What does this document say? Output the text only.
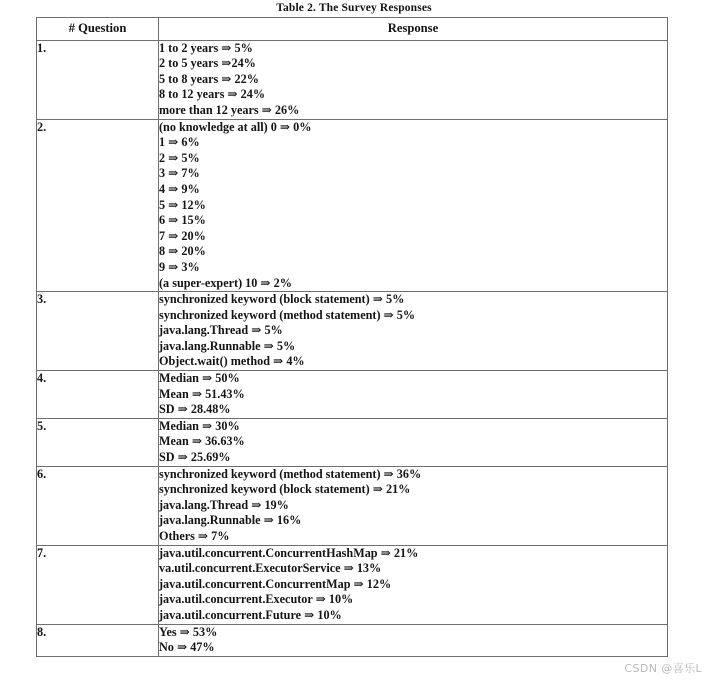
Table 2. The Survey Responses
# Question	Response
1.	1 to 2 years ⇒ 5%
2 to 5 years ⇒24%
5 to 8 years ⇒ 22%
8 to 12 years ⇒ 24%
more than 12 years ⇒ 26%

2.	(no knowledge at all) 0 ⇒ 0%
1 ⇒ 6%
2 ⇒ 5%
3 ⇒ 7%
4 ⇒ 9%
5 ⇒ 12%
6 ⇒ 15%
7 ⇒ 20%
8 ⇒ 20%
9 ⇒ 3%
(a super-expert) 10 ⇒ 2%

3.	synchronized keyword (block statement) ⇒ 5%
synchronized keyword (method statement) ⇒ 5%
java.lang.Thread ⇒ 5%
java.lang.Runnable ⇒ 5%
Object.wait() method ⇒ 4%

4.	Median ⇒ 50%
Mean ⇒ 51.43%
SD ⇒ 28.48%

5.	Median ⇒ 30%
Mean ⇒ 36.63%
SD ⇒ 25.69%

6.	synchronized keyword (method statement) ⇒ 36%
synchronized keyword (block statement) ⇒ 21%
java.lang.Thread ⇒ 19%
java.lang.Runnable ⇒ 16%
Others ⇒ 7%

7.	java.util.concurrent.ConcurrentHashMap ⇒ 21%
va.util.concurrent.ExecutorService ⇒ 13%
java.util.concurrent.ConcurrentMap ⇒ 12%
java.util.concurrent.Executor ⇒ 10%
java.util.concurrent.Future ⇒ 10%

8.	Yes ⇒ 53%
No ⇒ 47%
CSDN @喜乐L
